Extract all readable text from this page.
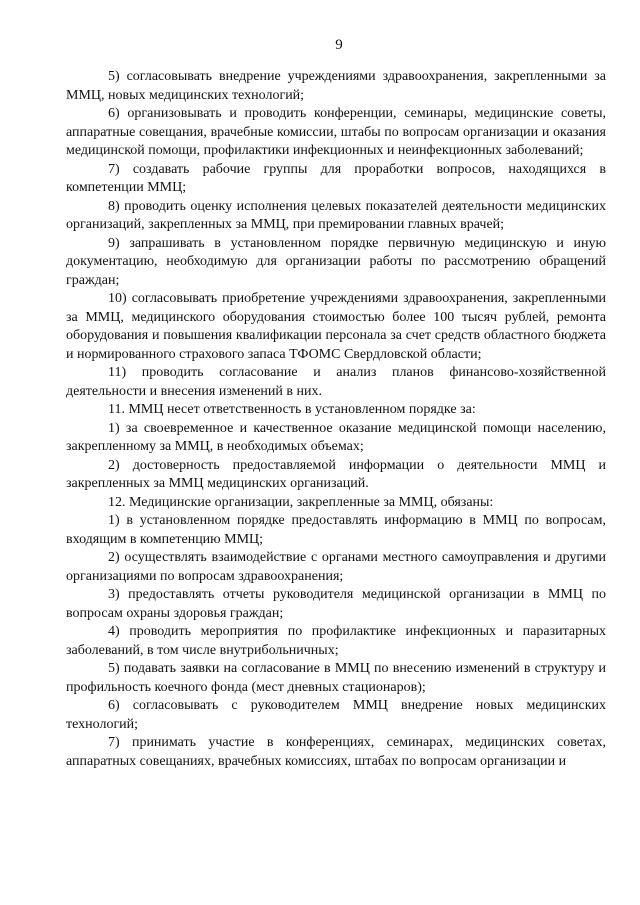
9

5) согласовывать внедрение учреждениями здравоохранения, закрепленными за ММЦ, новых медицинских технологий;

6) организовывать и проводить конференции, семинары, медицинские советы, аппаратные совещания, врачебные комиссии, штабы по вопросам организации и оказания медицинской помощи, профилактики инфекционных и неинфекционных заболеваний;

7) создавать рабочие группы для проработки вопросов, находящихся в компетенции ММЦ;

8) проводить оценку исполнения целевых показателей деятельности медицинских организаций, закрепленных за ММЦ, при премировании главных врачей;

9) запрашивать в установленном порядке первичную медицинскую и иную документацию, необходимую для организации работы по рассмотрению обращений граждан;

10) согласовывать приобретение учреждениями здравоохранения, закрепленными за ММЦ, медицинского оборудования стоимостью более 100 тысяч рублей, ремонта оборудования и повышения квалификации персонала за счет средств областного бюджета и нормированного страхового запаса ТФОМС Свердловской области;

11) проводить согласование и анализ планов финансово-хозяйственной деятельности и внесения изменений в них.

11. ММЦ несет ответственность в установленном порядке за:

1) за своевременное и качественное оказание медицинской помощи населению, закрепленному за ММЦ, в необходимых объемах;

2) достоверность предоставляемой информации о деятельности ММЦ и закрепленных за ММЦ медицинских организаций.

12. Медицинские организации, закрепленные за ММЦ, обязаны:

1) в установленном порядке предоставлять информацию в ММЦ по вопросам, входящим в компетенцию ММЦ;

2) осуществлять взаимодействие с органами местного самоуправления и другими организациями по вопросам здравоохранения;

3) предоставлять отчеты руководителя медицинской организации в ММЦ по вопросам охраны здоровья граждан;

4) проводить мероприятия по профилактике инфекционных и паразитарных заболеваний, в том числе внутрибольничных;

5) подавать заявки на согласование в ММЦ по внесению изменений в структуру и профильность коечного фонда (мест дневных стационаров);

6) согласовывать с руководителем ММЦ внедрение новых медицинских технологий;

7) принимать участие в конференциях, семинарах, медицинских советах, аппаратных совещаниях, врачебных комиссиях, штабах по вопросам организации и
